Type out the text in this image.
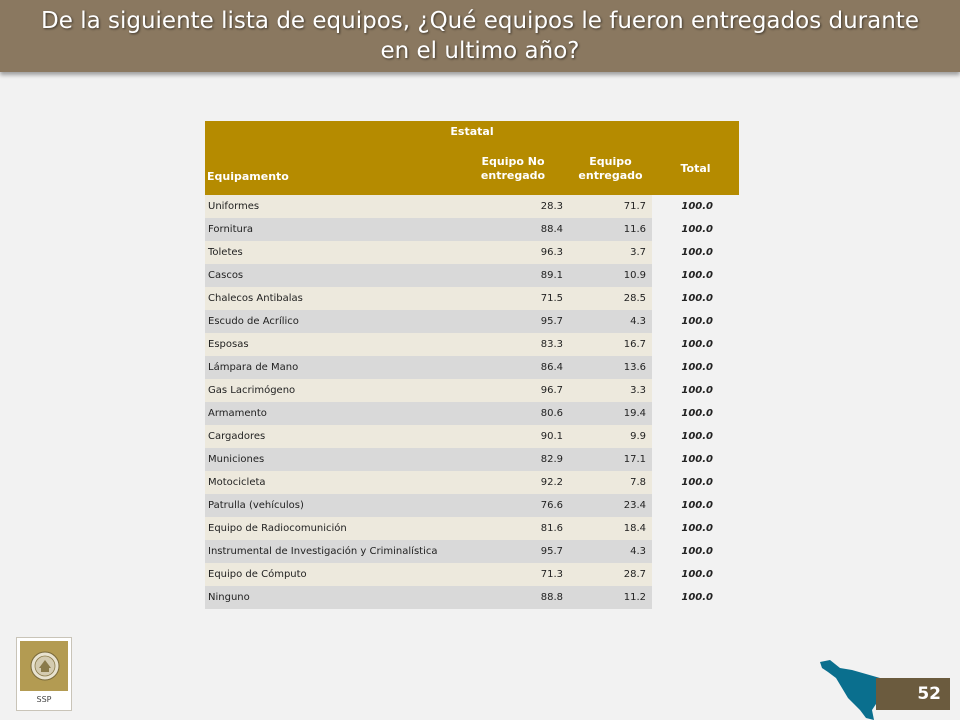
De la siguiente lista de equipos, ¿Qué equipos le fueron entregados durante en el ultimo año?
Estatal			
Equipamento	Equipo No entregado	Equipo entregado	Total
Uniformes	28.3	71.7	100.0
Fornitura	88.4	11.6	100.0
Toletes	96.3	3.7	100.0
Cascos	89.1	10.9	100.0
Chalecos Antibalas	71.5	28.5	100.0
Escudo de Acrílico	95.7	4.3	100.0
Esposas	83.3	16.7	100.0
Lámpara de Mano	86.4	13.6	100.0
Gas Lacrimógeno	96.7	3.3	100.0
Armamento	80.6	19.4	100.0
Cargadores	90.1	9.9	100.0
Municiones	82.9	17.1	100.0
Motocicleta	92.2	7.8	100.0
Patrulla (vehículos)	76.6	23.4	100.0
Equipo de Radiocomunición	81.6	18.4	100.0
Instrumental de Investigación y Criminalística	95.7	4.3	100.0
Equipo de Cómputo	71.3	28.7	100.0
Ninguno	88.8	11.2	100.0
SSP	52
